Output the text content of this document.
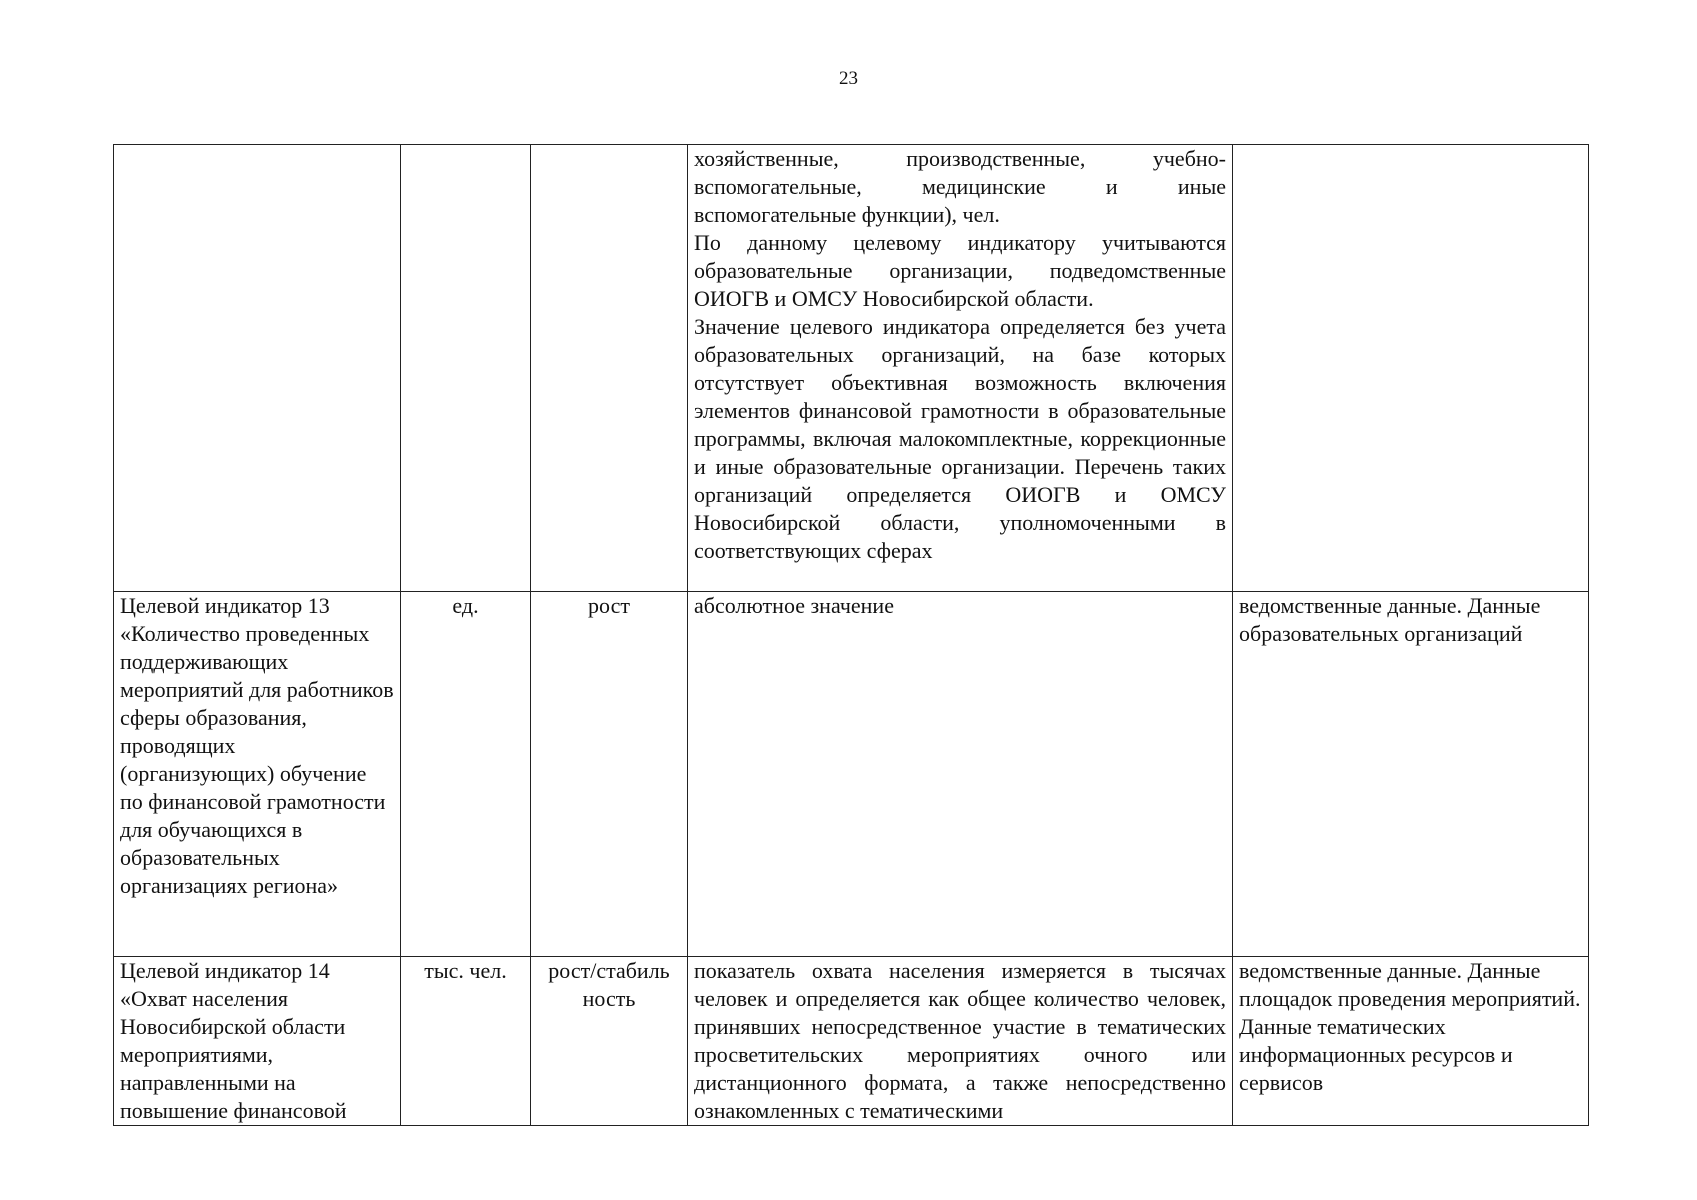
23

			хозяйственные, производственные, учебно-вспомогательные, медицинские и иные вспомогательные функции), чел.

По данному целевому индикатору учитываются образовательные организации, подведомственные ОИОГВ и ОМСУ Новосибирской области.

Значение целевого индикатора определяется без учета образовательных организаций, на базе которых отсутствует объективная возможность включения элементов финансовой грамотности в образовательные программы, включая малокомплектные, коррекционные и иные образовательные организации. Перечень таких организаций определяется ОИОГВ и ОМСУ Новосибирской области, уполномоченными в соответствующих сферах	

Целевой индикатор 13 «Количество проведенных поддерживающих мероприятий для работников сферы образования, проводящих (организующих) обучение по финансовой грамотности для обучающихся в образовательных организациях региона»	ед.	рост	абсолютное значение	ведомственные данные. Данные образовательных организаций
Целевой индикатор 14 «Охват населения Новосибирской области мероприятиями, направленными на повышение финансовой	тыс. чел.	рост/стабиль ность	показатель охвата населения измеряется в тысячах человек и определяется как общее количество человек, принявших непосредственное участие в тематических просветительских мероприятиях очного или дистанционного формата, а также непосредственно ознакомленных с тематическими	ведомственные данные. Данные площадок проведения мероприятий. Данные тематических информационных ресурсов и сервисов
